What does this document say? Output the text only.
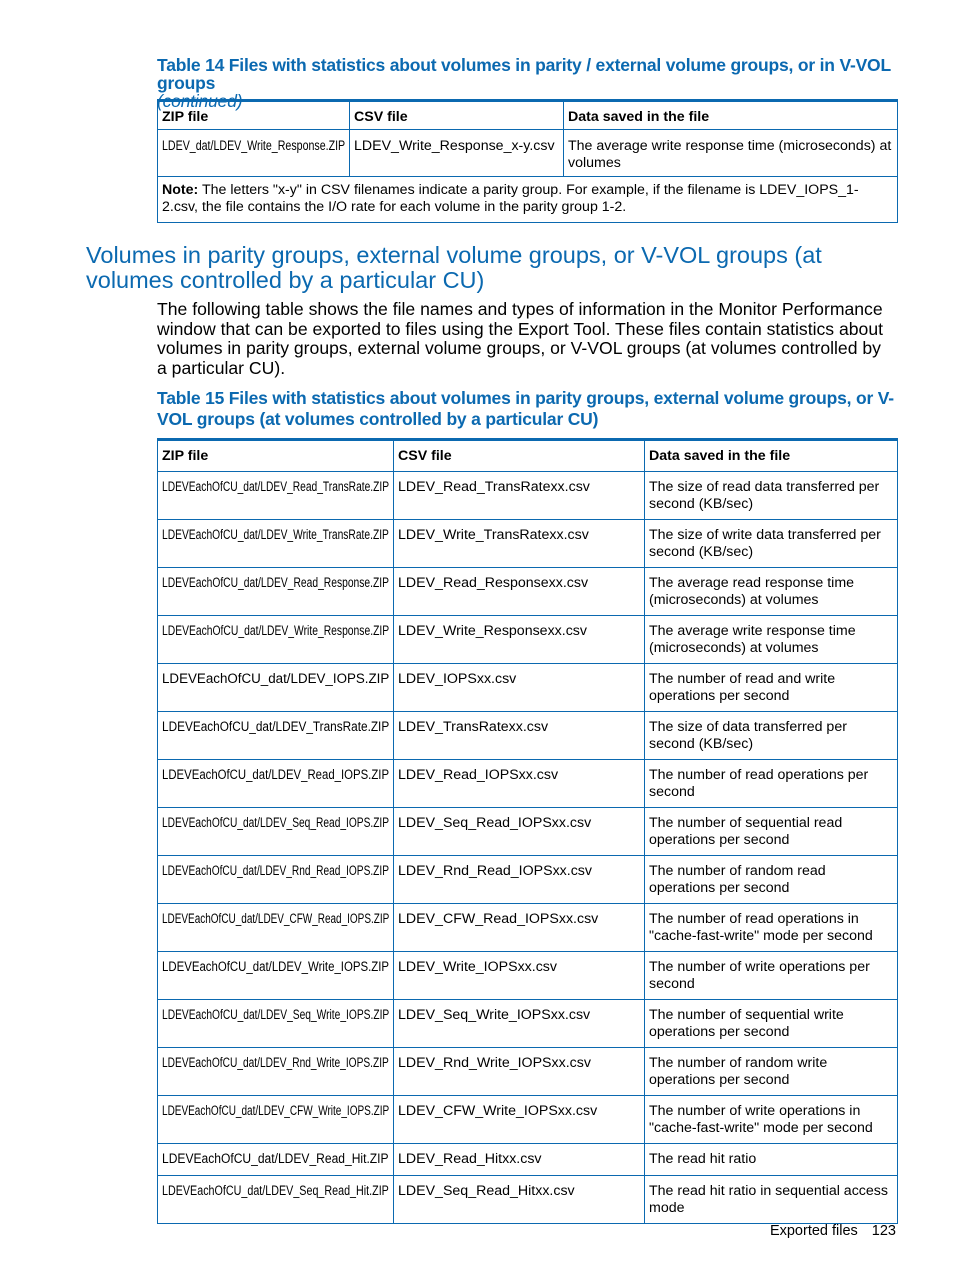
Table 14 Files with statistics about volumes in parity / external volume groups, or in V-VOL groups
(continued)
ZIP file	CSV file	Data saved in the file
LDEV_dat/LDEV_Write_Response.ZIP	LDEV_Write_Response_x-y.csv	The average write response time (microseconds) at volumes
Note: The letters "x-y" in CSV filenames indicate a parity group. For example, if the filename is LDEV_IOPS_1-2.csv, the file contains the I/O rate for each volume in the parity group 1-2.		
Volumes in parity groups, external volume groups, or V-VOL groups (at volumes controlled by a particular CU)

The following table shows the file names and types of information in the Monitor Performance window that can be exported to files using the Export Tool. These files contain statistics about volumes in parity groups, external volume groups, or V-VOL groups (at volumes controlled by a particular CU).

Table 15 Files with statistics about volumes in parity groups, external volume groups, or V-VOL groups (at volumes controlled by a particular CU)
ZIP file	CSV file	Data saved in the file
LDEVEachOfCU_dat/LDEV_Read_TransRate.ZIP	LDEV_Read_TransRatexx.csv	The size of read data transferred per second (KB/sec)
LDEVEachOfCU_dat/LDEV_Write_TransRate.ZIP	LDEV_Write_TransRatexx.csv	The size of write data transferred per second (KB/sec)
LDEVEachOfCU_dat/LDEV_Read_Response.ZIP	LDEV_Read_Responsexx.csv	The average read response time (microseconds) at volumes
LDEVEachOfCU_dat/LDEV_Write_Response.ZIP	LDEV_Write_Responsexx.csv	The average write response time (microseconds) at volumes
LDEVEachOfCU_dat/LDEV_IOPS.ZIP	LDEV_IOPSxx.csv	The number of read and write operations per second
LDEVEachOfCU_dat/LDEV_TransRate.ZIP	LDEV_TransRatexx.csv	The size of data transferred per second (KB/sec)
LDEVEachOfCU_dat/LDEV_Read_IOPS.ZIP	LDEV_Read_IOPSxx.csv	The number of read operations per second
LDEVEachOfCU_dat/LDEV_Seq_Read_IOPS.ZIP	LDEV_Seq_Read_IOPSxx.csv	The number of sequential read operations per second
LDEVEachOfCU_dat/LDEV_Rnd_Read_IOPS.ZIP	LDEV_Rnd_Read_IOPSxx.csv	The number of random read operations per second
LDEVEachOfCU_dat/LDEV_CFW_Read_IOPS.ZIP	LDEV_CFW_Read_IOPSxx.csv	The number of read operations in "cache-fast-write" mode per second
LDEVEachOfCU_dat/LDEV_Write_IOPS.ZIP	LDEV_Write_IOPSxx.csv	The number of write operations per second
LDEVEachOfCU_dat/LDEV_Seq_Write_IOPS.ZIP	LDEV_Seq_Write_IOPSxx.csv	The number of sequential write operations per second
LDEVEachOfCU_dat/LDEV_Rnd_Write_IOPS.ZIP	LDEV_Rnd_Write_IOPSxx.csv	The number of random write operations per second
LDEVEachOfCU_dat/LDEV_CFW_Write_IOPS.ZIP	LDEV_CFW_Write_IOPSxx.csv	The number of write operations in "cache-fast-write" mode per second
LDEVEachOfCU_dat/LDEV_Read_Hit.ZIP	LDEV_Read_Hitxx.csv	The read hit ratio
LDEVEachOfCU_dat/LDEV_Seq_Read_Hit.ZIP	LDEV_Seq_Read_Hitxx.csv	The read hit ratio in sequential access mode
Exported files 123
